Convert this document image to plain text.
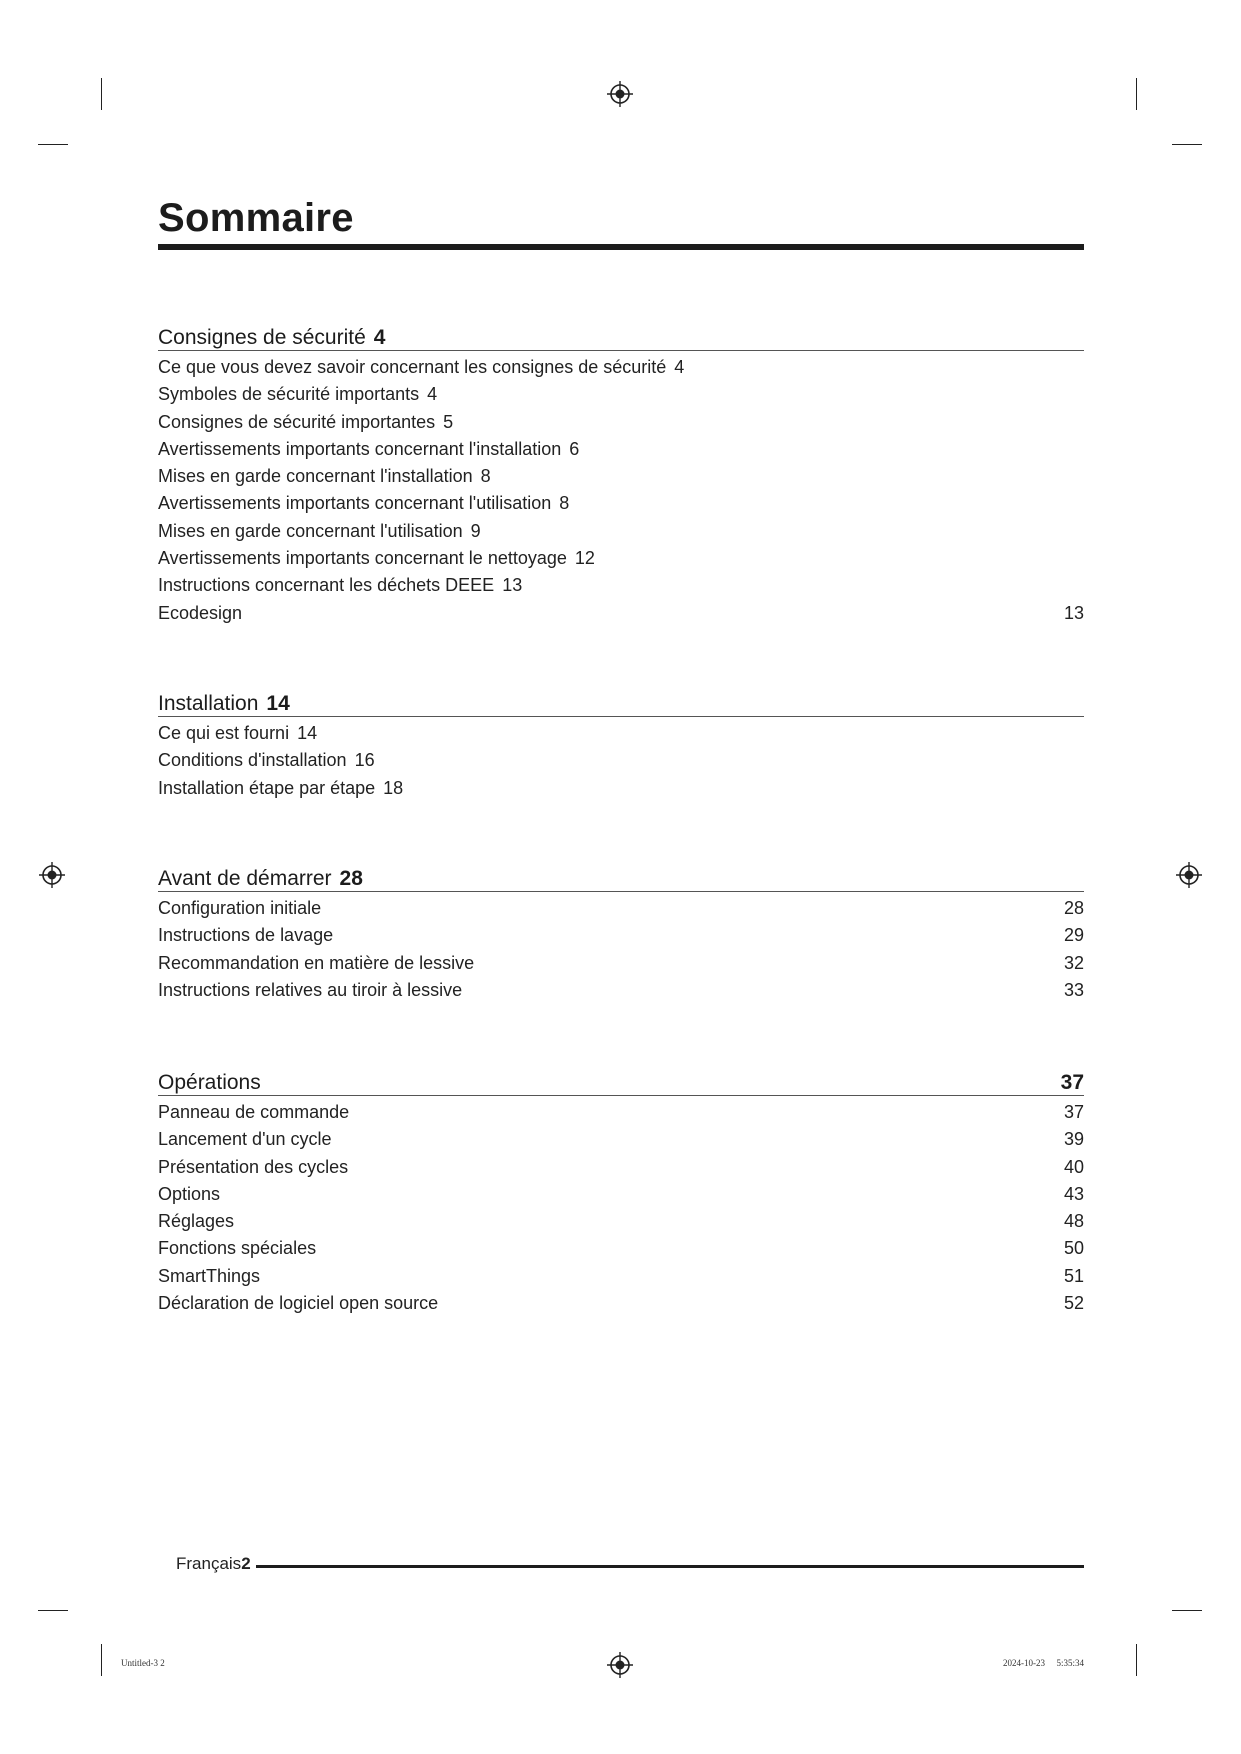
Sommaire
Consignes de sécurité 4
Ce que vous devez savoir concernant les consignes de sécurité 4
Symboles de sécurité importants 4
Consignes de sécurité importantes 5
Avertissements importants concernant l'installation 6
Mises en garde concernant l'installation 8
Avertissements importants concernant l'utilisation 8
Mises en garde concernant l'utilisation 9
Avertissements importants concernant le nettoyage 12
Instructions concernant les déchets DEEE 13
Ecodesign	13
Installation 14
Ce qui est fourni 14
Conditions d'installation 16
Installation étape par étape 18
Avant de démarrer 28
Configuration initiale	28
Instructions de lavage	29
Recommandation en matière de lessive	32
Instructions relatives au tiroir à lessive	33
Opérations	37
Panneau de commande	37
Lancement d'un cycle	39
Présentation des cycles	40
Options	43
Réglages	48
Fonctions spéciales	50
SmartThings	51
Déclaration de logiciel open source	52
Français2
Untitled-3 2	2024-10-23 ￿ 5:35:34
